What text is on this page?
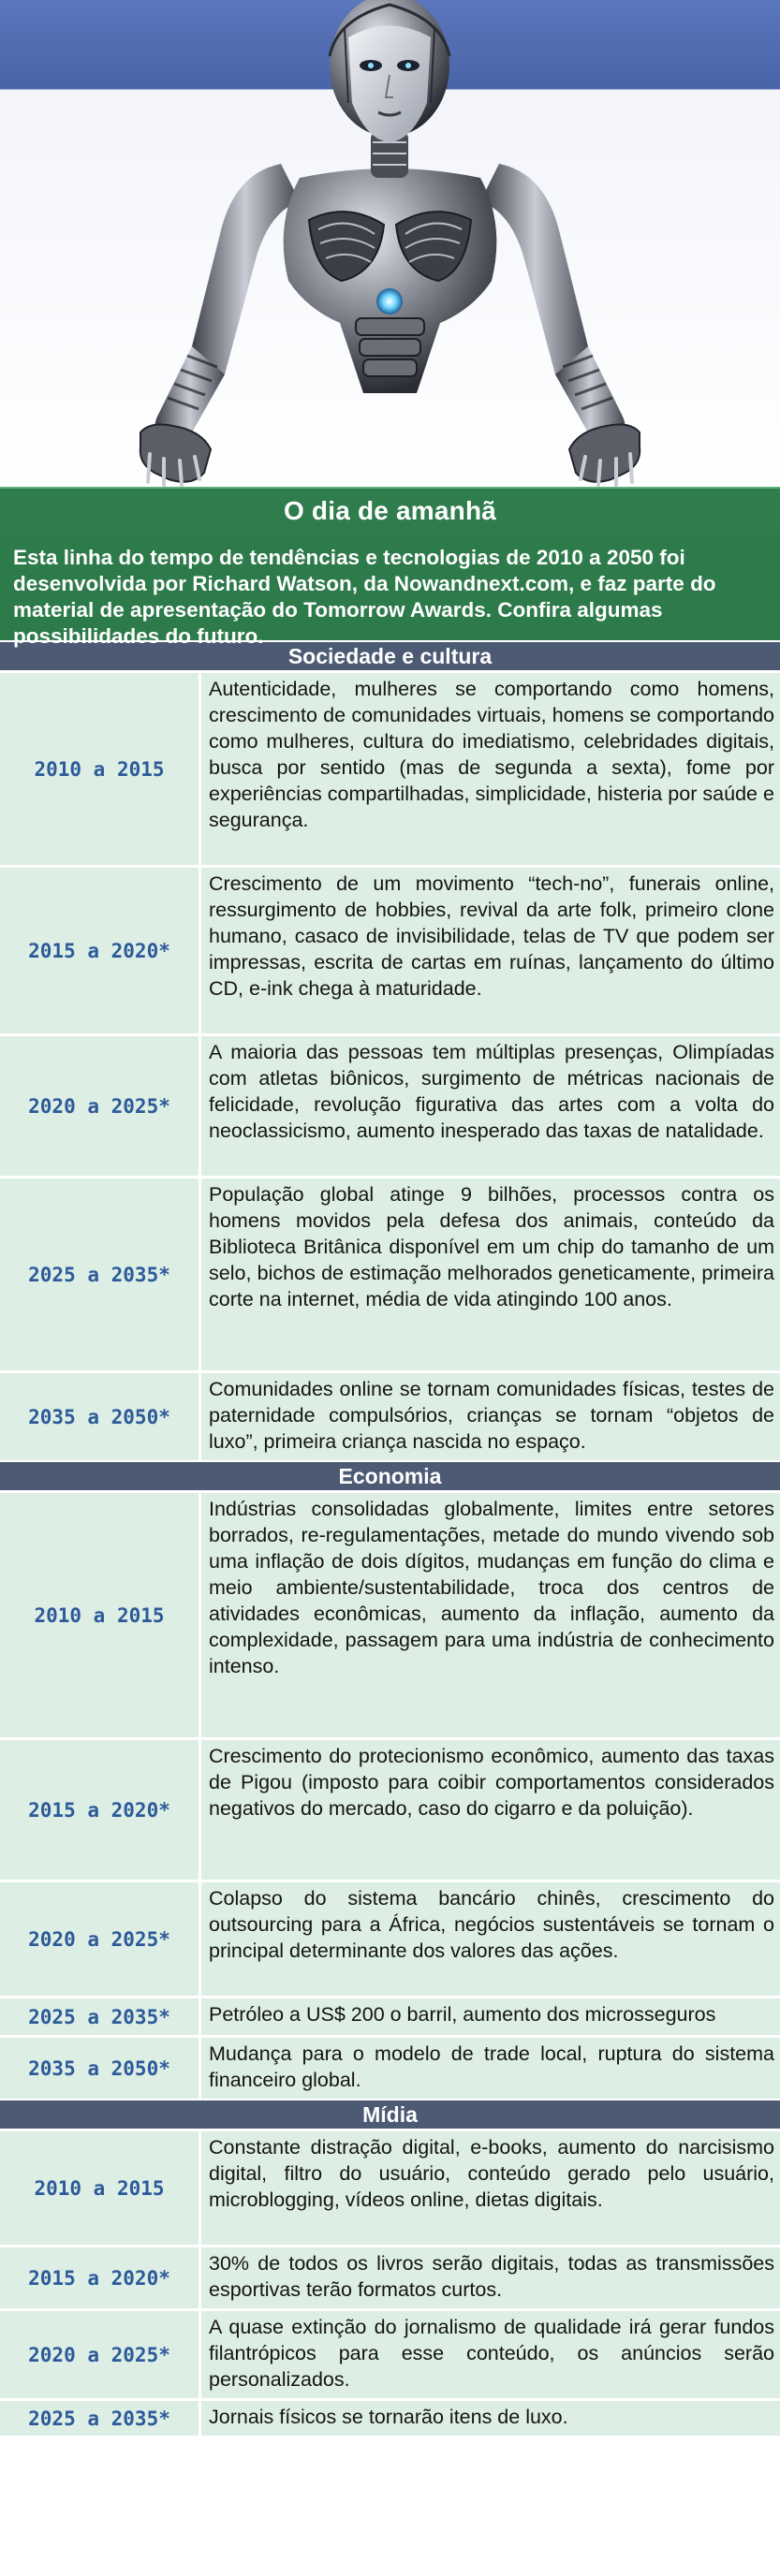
O dia de amanhã
Esta linha do tempo de tendências e tecnologias de 2010 a 2050 foi desenvolvida por Richard Watson, da Nowandnext.com, e faz parte do material de apresentação do Tomorrow Awards. Confira algumas possibilidades do futuro.
Sociedade e cultura
2010 a 2015
Autenticidade, mulheres se comportando como homens, crescimento de comunidades virtuais, homens se comportando como mulheres, cultura do imediatismo, celebridades digitais, busca por sentido (mas de segunda a sexta), fome por experiências compartilhadas, simplicidade, histeria por saúde e segurança.
2015 a 2020*
Crescimento de um movimento “tech-no”, funerais online, ressurgimento de hobbies, revival da arte folk, primeiro clone humano, casaco de invisibilidade, telas de TV que podem ser impressas, escrita de cartas em ruínas, lançamento do último CD, e-ink chega à maturidade.
2020 a 2025*
A maioria das pessoas tem múltiplas presenças, Olimpíadas com atletas biônicos, surgimento de métricas nacionais de felicidade, revolução figurativa das artes com a volta do neoclassicismo, aumento inesperado das taxas de natalidade.
2025 a 2035*
População global atinge 9 bilhões, processos contra os homens movidos pela defesa dos animais, conteúdo da Biblioteca Britânica disponível em um chip do tamanho de um selo, bichos de estimação melhorados geneticamente, primeira corte na internet, média de vida atingindo 100 anos.
2035 a 2050*
Comunidades online se tornam comunidades físicas, testes de paternidade compulsórios, crianças se tornam “objetos de luxo”, primeira criança nascida no espaço.
Economia
2010 a 2015
Indústrias consolidadas globalmente, limites entre setores borrados, re-regulamentações, metade do mundo vivendo sob uma inflação de dois dígitos, mudanças em função do clima e meio ambiente/sustentabilidade, troca dos centros de atividades econômicas, aumento da inflação, aumento da complexidade, passagem para uma indústria de conhecimento intenso.
2015 a 2020*
Crescimento do protecionismo econômico, aumento das taxas de Pigou (imposto para coibir comportamentos considerados negativos do mercado, caso do cigarro e da poluição).
2020 a 2025*
Colapso do sistema bancário chinês, crescimento do outsourcing para a África, negócios sustentáveis se tornam o principal determinante dos valores das ações.
2025 a 2035*	Petróleo a US$ 200 o barril, aumento dos microsseguros
2035 a 2050*
Mudança para o modelo de trade local, ruptura do sistema financeiro global.
Mídia
2010 a 2015
Constante distração digital, e-books, aumento do narcisismo digital, filtro do usuário, conteúdo gerado pelo usuário, microblogging, vídeos online, dietas digitais.
2015 a 2020*
30% de todos os livros serão digitais, todas as transmissões esportivas terão formatos curtos.
2020 a 2025*
A quase extinção do jornalismo de qualidade irá gerar fundos filantrópicos para esse conteúdo, os anúncios serão personalizados.
2025 a 2035*	Jornais físicos se tornarão itens de luxo.
